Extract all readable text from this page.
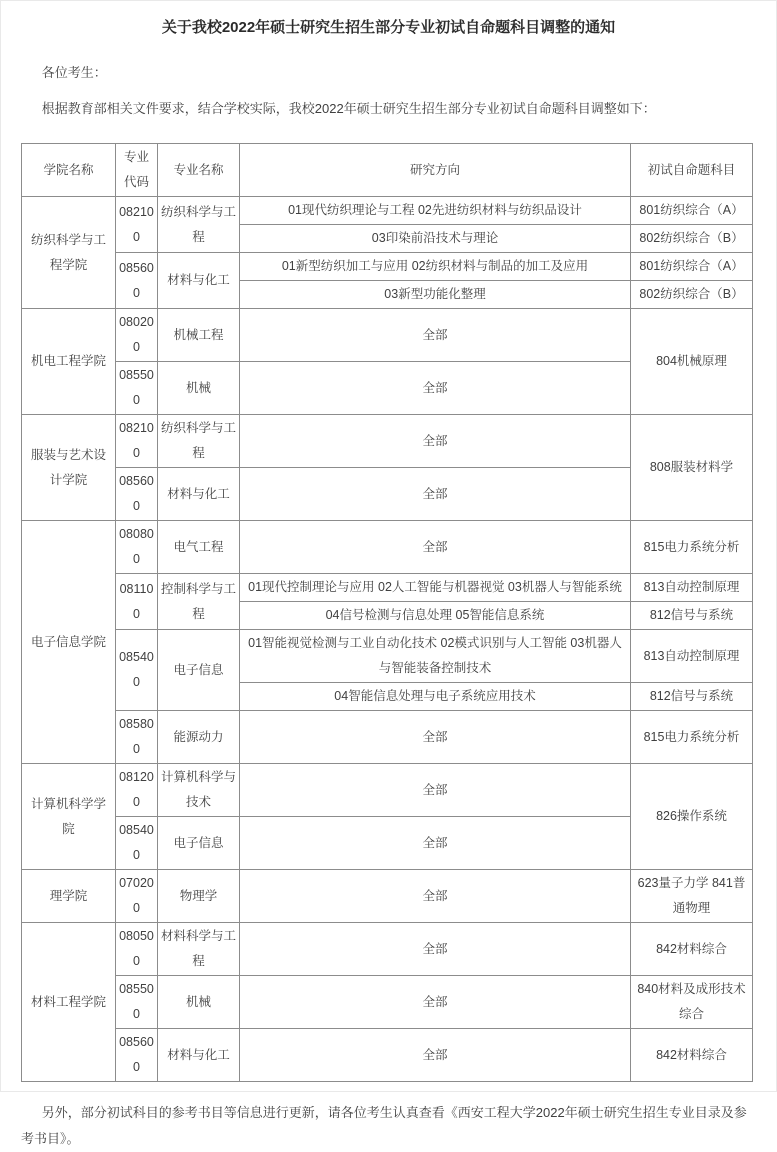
关于我校2022年硕士研究生招生部分专业初试自命题科目调整的通知

各位考生：

根据教育部相关文件要求，结合学校实际，我校2022年硕士研究生招生部分专业初试自命题科目调整如下：

学院名称	专业代码	专业名称	研究方向	初试自命题科目
纺织科学与工程学院	082100	纺织科学与工程	01现代纺织理论与工程 02先进纺织材料与纺织品设计	801纺织综合（A）
			03印染前沿技术与理论	802纺织综合（B）
	085600	材料与化工	01新型纺织加工与应用 02纺织材料与制品的加工及应用	801纺织综合（A）
			03新型功能化整理	802纺织综合（B）
机电工程学院	080200	机械工程	全部	804机械原理
	085500	机械	全部	
服装与艺术设计学院	082100	纺织科学与工程	全部	808服装材料学
	085600	材料与化工	全部	
电子信息学院	080800	电气工程	全部	815电力系统分析
	081100	控制科学与工程	01现代控制理论与应用 02人工智能与机器视觉 03机器人与智能系统	813自动控制原理
			04信号检测与信息处理 05智能信息系统	812信号与系统
	085400	电子信息	01智能视觉检测与工业自动化技术 02模式识别与人工智能 03机器人与智能装备控制技术	813自动控制原理
			04智能信息处理与电子系统应用技术	812信号与系统
	085800	能源动力	全部	815电力系统分析
计算机科学学院	081200	计算机科学与技术	全部	826操作系统
	085400	电子信息	全部	
理学院	070200	物理学	全部	623量子力学 841普通物理
材料工程学院	080500	材料科学与工程	全部	842材料综合
	085500	机械	全部	840材料及成形技术综合
	085600	材料与化工	全部	842材料综合

另外，部分初试科目的参考书目等信息进行更新，请各位考生认真查看《西安工程大学2022年硕士研究生招生专业目录及参考书目》。
